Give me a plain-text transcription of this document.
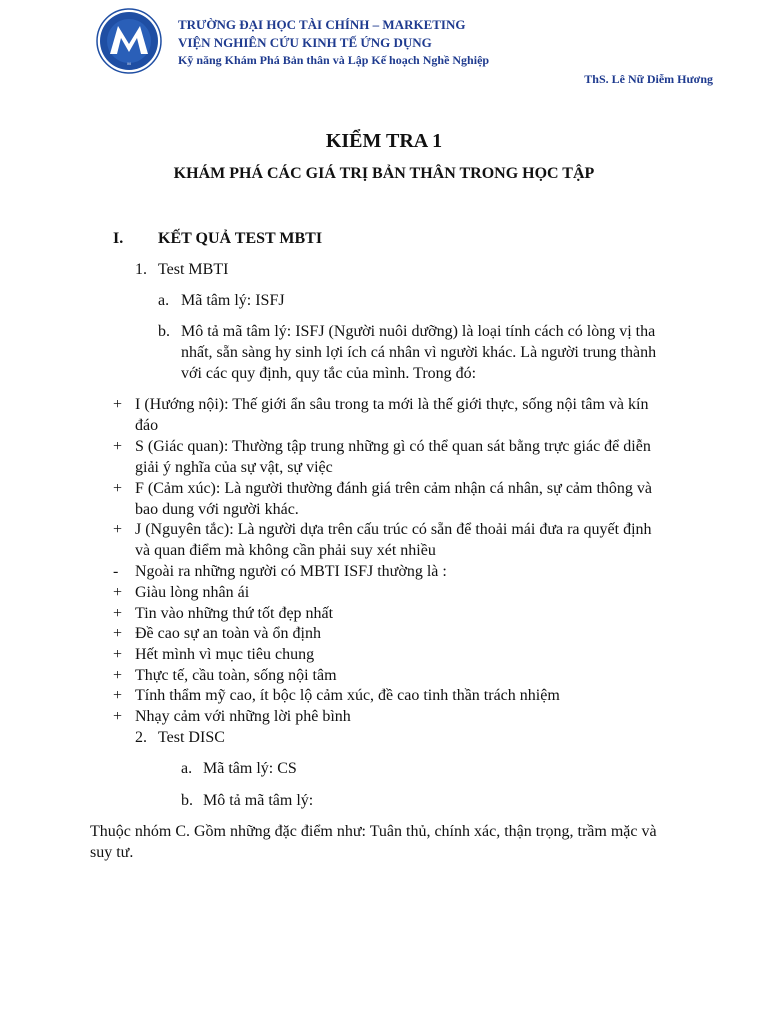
M
TRƯỜNG ĐẠI HỌC TÀI CHÍNH – MARKETING
VIỆN NGHIÊN CỨU KINH TẾ ỨNG DỤNG
Kỹ năng Khám Phá Bản thân và Lập Kế hoạch Nghề Nghiệp
ThS. Lê Nữ Diễm Hương
KIỂM TRA 1
KHÁM PHÁ CÁC GIÁ TRỊ BẢN THÂN TRONG HỌC TẬP
I. KẾT QUẢ TEST MBTI
1. Test MBTI
a. Mã tâm lý: ISFJ
b. Mô tả mã tâm lý: ISFJ (Người nuôi dưỡng) là loại tính cách có lòng vị tha nhất, sẵn sàng hy sinh lợi ích cá nhân vì người khác. Là người trung thành với các quy định, quy tắc của mình. Trong đó:
+ I (Hướng nội): Thế giới ẩn sâu trong ta mới là thế giới thực, sống nội tâm và kín đáo
+ S (Giác quan): Thường tập trung những gì có thể quan sát bằng trực giác để diễn giải ý nghĩa của sự vật, sự việc
+ F (Cảm xúc): Là người thường đánh giá trên cảm nhận cá nhân, sự cảm thông và bao dung với người khác.
+ J (Nguyên tắc): Là người dựa trên cấu trúc có sẵn để thoải mái đưa ra quyết định và quan điểm mà không cần phải suy xét nhiều
- Ngoài ra những người có MBTI ISFJ thường là :
+ Giàu lòng nhân ái
+ Tin vào những thứ tốt đẹp nhất
+ Đề cao sự an toàn và ổn định
+ Hết mình vì mục tiêu chung
+ Thực tế, cầu toàn, sống nội tâm
+ Tính thẩm mỹ cao, ít bộc lộ cảm xúc, đề cao tinh thần trách nhiệm
+ Nhạy cảm với những lời phê bình
2. Test DISC
a. Mã tâm lý: CS
b. Mô tả mã tâm lý:
Thuộc nhóm C. Gồm những đặc điểm như: Tuân thủ, chính xác, thận trọng, trầm mặc và suy tư.
